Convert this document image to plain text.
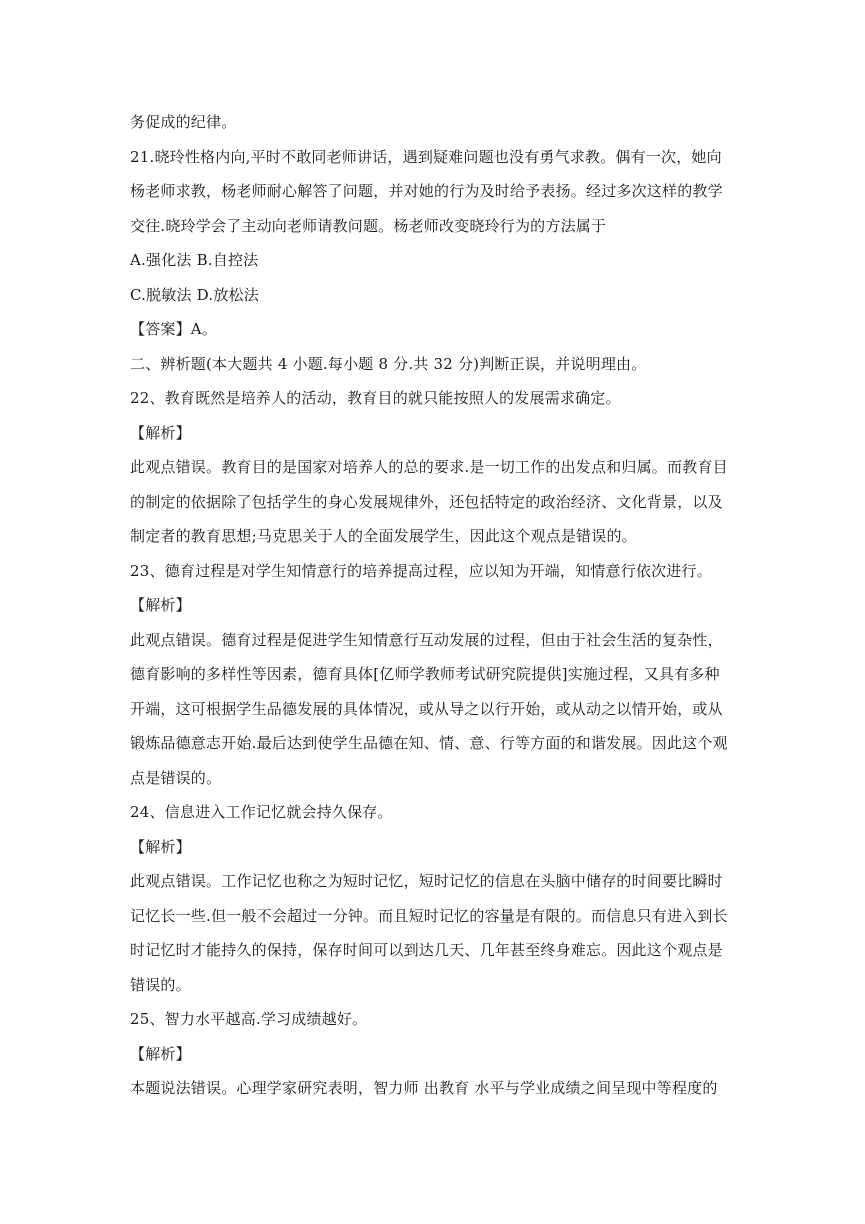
务促成的纪律。
21.晓玲性格内向,平时不敢同老师讲话，遇到疑难问题也没有勇气求教。偶有一次，她向
杨老师求教，杨老师耐心解答了问题，并对她的行为及时给予表扬。经过多次这样的教学
交往.晓玲学会了主动向老师请教问题。杨老师改变晓玲行为的方法属于
A.强化法 B.自控法
C.脱敏法 D.放松法
【答案】A。
二、辨析题(本大题共 4 小题.每小题 8 分.共 32 分)判断正误，并说明理由。
22、教育既然是培养人的活动，教育目的就只能按照人的发展需求确定。
【解析】
此观点错误。教育目的是国家对培养人的总的要求.是一切工作的出发点和归属。而教育目
的制定的依据除了包括学生的身心发展规律外，还包括特定的政治经济、文化背景，以及
制定者的教育思想;马克思关于人的全面发展学生，因此这个观点是错误的。
23、德育过程是对学生知情意行的培养提高过程，应以知为开端，知情意行依次进行。
【解析】
此观点错误。德育过程是促进学生知情意行互动发展的过程，但由于社会生活的复杂性，
德育影响的多样性等因素，德育具体[亿师学教师考试研究院提供]实施过程，又具有多种
开端，这可根据学生品德发展的具体情况，或从导之以行开始，或从动之以情开始，或从
锻炼品德意志开始.最后达到使学生品德在知、情、意、行等方面的和谐发展。因此这个观
点是错误的。
24、信息进入工作记忆就会持久保存。
【解析】
此观点错误。工作记忆也称之为短时记忆，短时记忆的信息在头脑中储存的时间要比瞬时
记忆长一些.但一般不会超过一分钟。而且短时记忆的容量是有限的。而信息只有进入到长
时记忆时才能持久的保持，保存时间可以到达几天、几年甚至终身难忘。因此这个观点是
错误的。
25、智力水平越高.学习成绩越好。
【解析】
本题说法错误。心理学家研究表明，智力师 出教育 水平与学业成绩之间呈现中等程度的
